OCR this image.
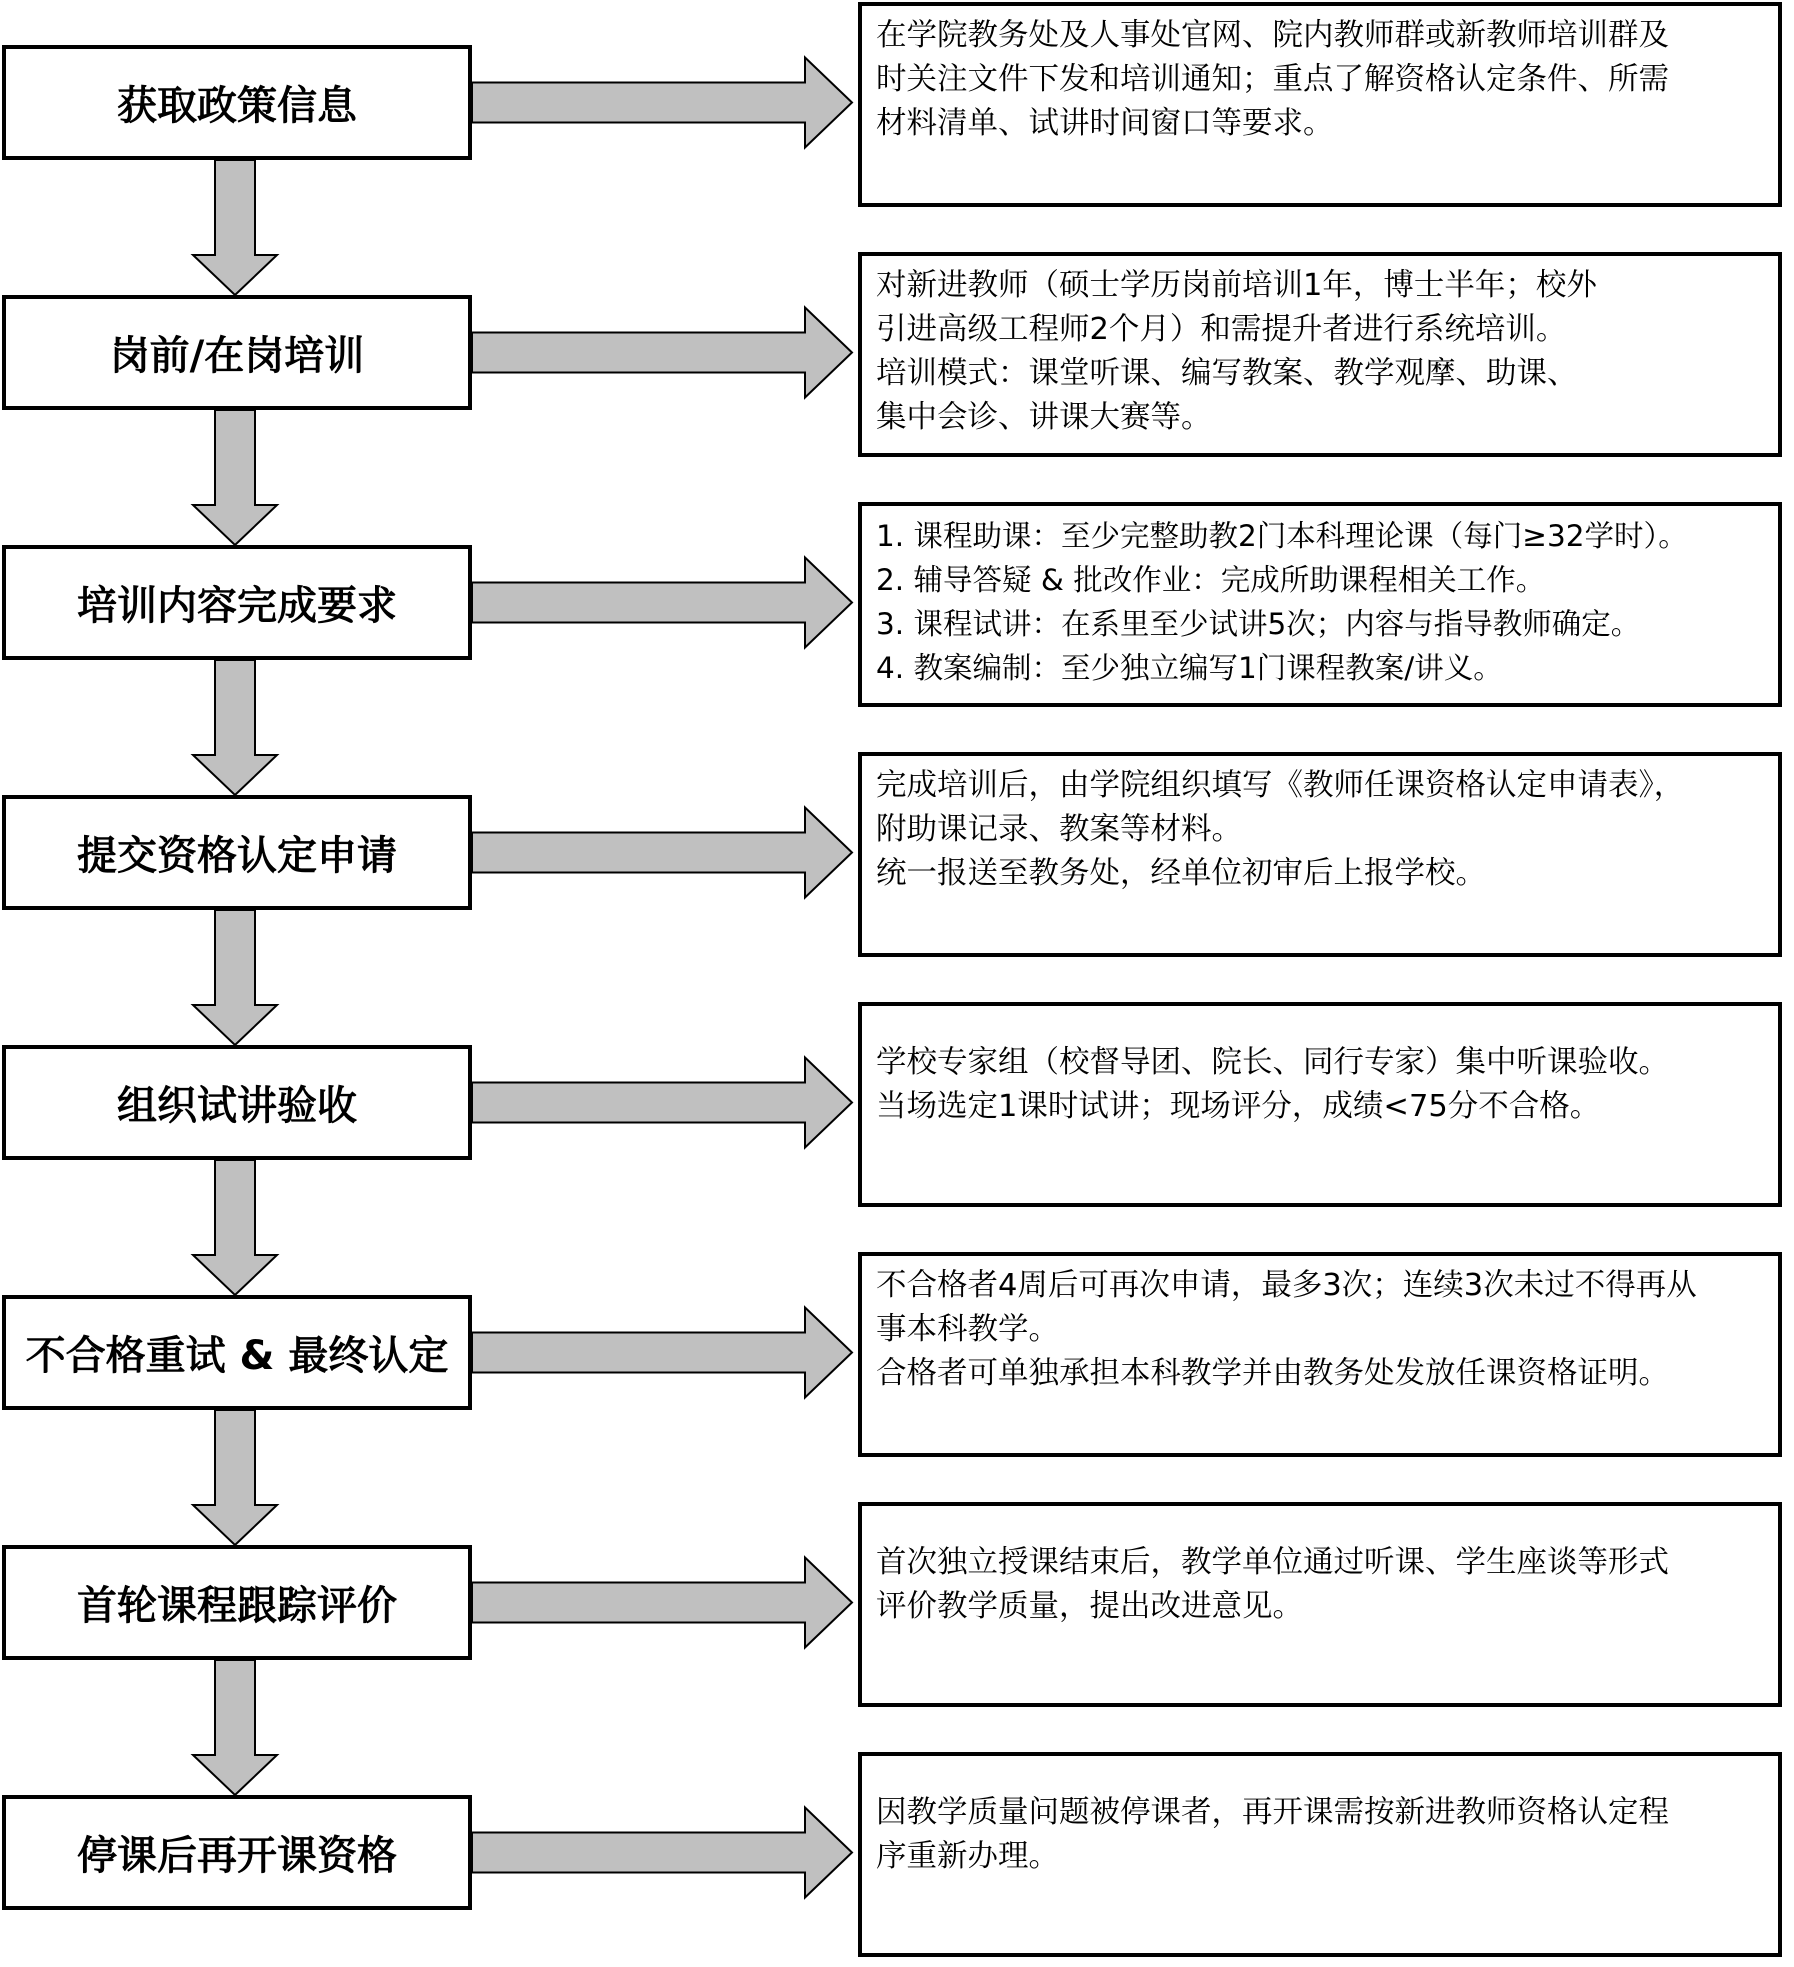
获取政策信息
在学院教务处及人事处官网、院内教师群或新教师培训群及
时关注文件下发和培训通知；重点了解资格认定条件、所需
材料清单、试讲时间窗口等要求。
岗前/在岗培训
对新进教师（硕士学历岗前培训1年，博士半年；校外
引进高级工程师2个月）和需提升者进行系统培训。
培训模式：课堂听课、编写教案、教学观摩、助课、
集中会诊、讲课大赛等。
培训内容完成要求
1. 课程助课：至少完整助教2门本科理论课（每门≥32学时）。
2. 辅导答疑 & 批改作业：完成所助课程相关工作。
3. 课程试讲：在系里至少试讲5次；内容与指导教师确定。
4. 教案编制：至少独立编写1门课程教案/讲义。
提交资格认定申请
完成培训后，由学院组织填写《教师任课资格认定申请表》，
附助课记录、教案等材料。
统一报送至教务处，经单位初审后上报学校。
组织试讲验收
学校专家组（校督导团、院长、同行专家）集中听课验收。
当场选定1课时试讲；现场评分，成绩<75分不合格。
不合格重试 & 最终认定
不合格者4周后可再次申请，最多3次；连续3次未过不得再从
事本科教学。
合格者可单独承担本科教学并由教务处发放任课资格证明。
首轮课程跟踪评价
首次独立授课结束后，教学单位通过听课、学生座谈等形式
评价教学质量，提出改进意见。
停课后再开课资格
因教学质量问题被停课者，再开课需按新进教师资格认定程
序重新办理。
